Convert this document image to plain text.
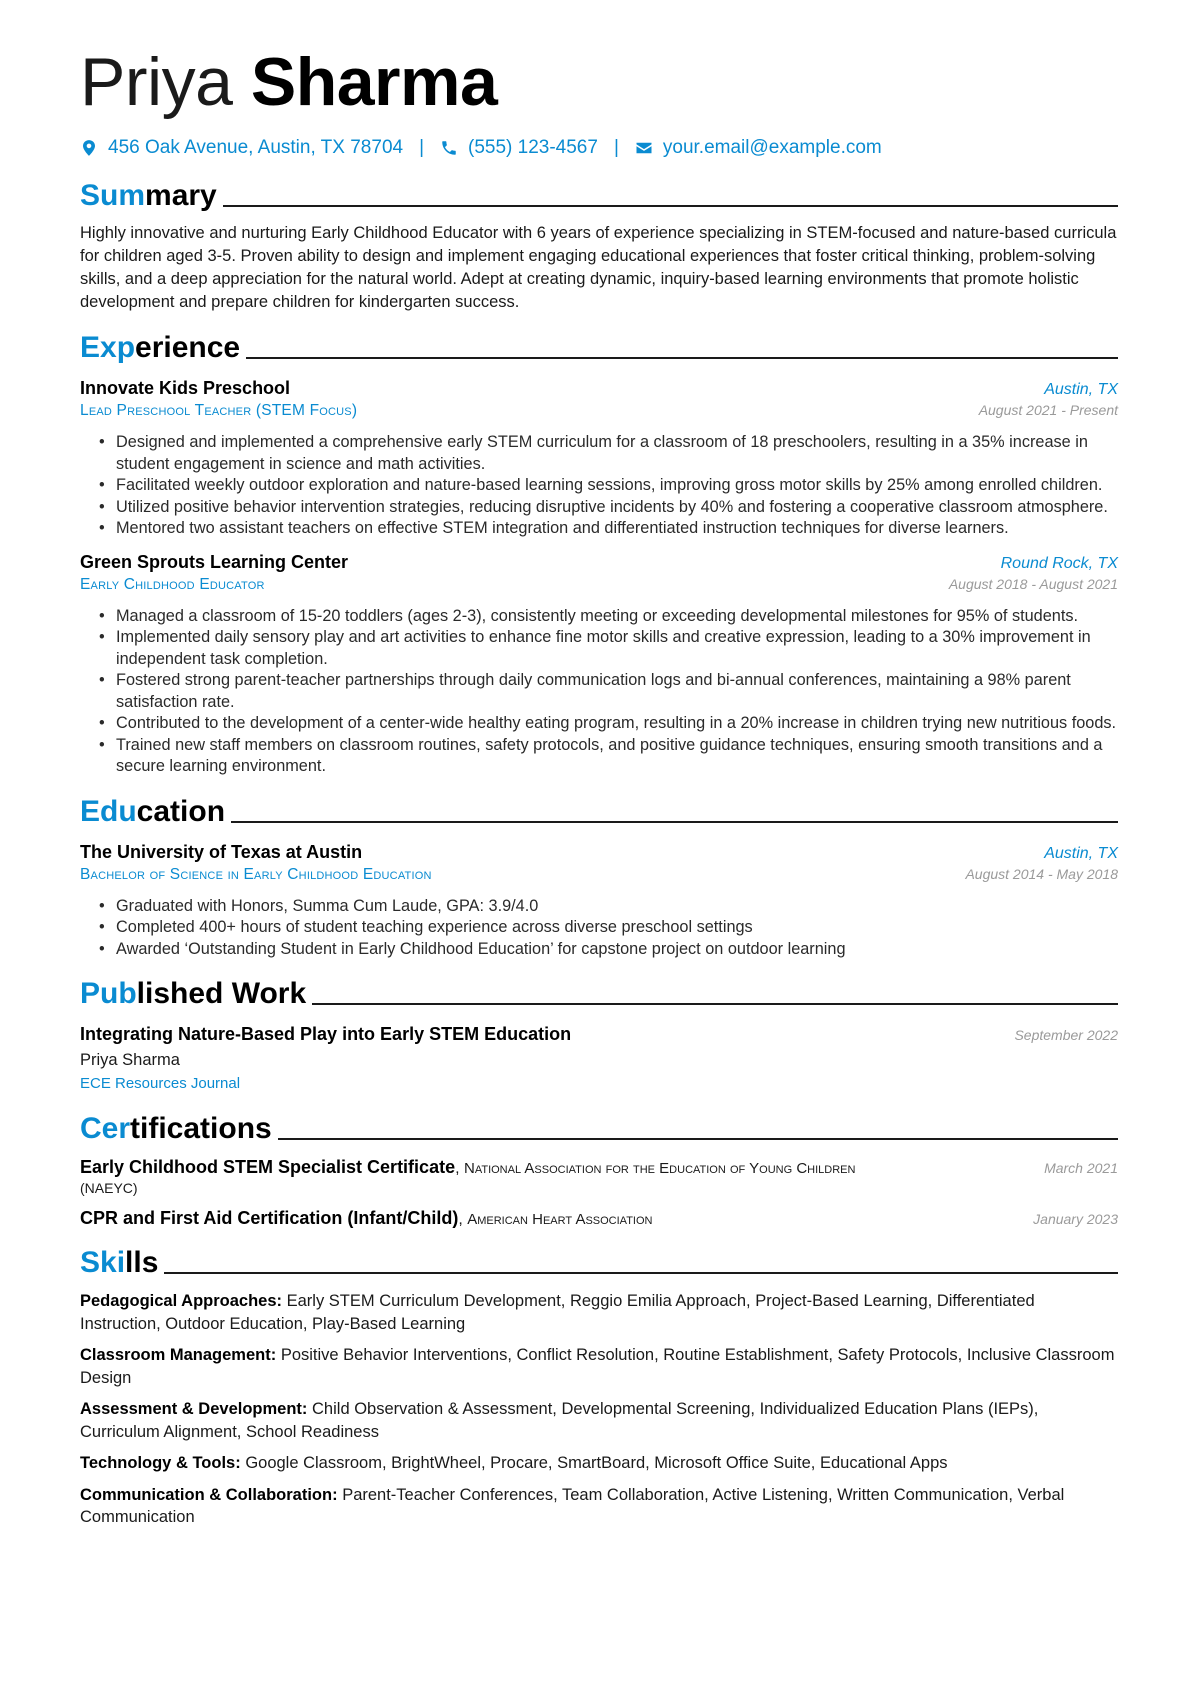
Priya Sharma
456 Oak Avenue, Austin, TX 78704 | (555) 123-4567 | your.email@example.com
Summary

Highly innovative and nurturing Early Childhood Educator with 6 years of experience specializing in STEM-focused and nature-based curricula for children aged 3-5. Proven ability to design and implement engaging educational experiences that foster critical thinking, problem-solving skills, and a deep appreciation for the natural world. Adept at creating dynamic, inquiry-based learning environments that promote holistic development and prepare children for kindergarten success.

Experience
Innovate Kids Preschool	Austin, TX
Lead Preschool Teacher (STEM Focus)	August 2021 - Present
• Designed and implemented a comprehensive early STEM curriculum for a classroom of 18 preschoolers, resulting in a 35% increase in student engagement in science and math activities.
• Facilitated weekly outdoor exploration and nature-based learning sessions, improving gross motor skills by 25% among enrolled children.
• Utilized positive behavior intervention strategies, reducing disruptive incidents by 40% and fostering a cooperative classroom atmosphere.
• Mentored two assistant teachers on effective STEM integration and differentiated instruction techniques for diverse learners.
Green Sprouts Learning Center	Round Rock, TX
Early Childhood Educator	August 2018 - August 2021
• Managed a classroom of 15-20 toddlers (ages 2-3), consistently meeting or exceeding developmental milestones for 95% of students.
• Implemented daily sensory play and art activities to enhance fine motor skills and creative expression, leading to a 30% improvement in independent task completion.
• Fostered strong parent-teacher partnerships through daily communication logs and bi-annual conferences, maintaining a 98% parent satisfaction rate.
• Contributed to the development of a center-wide healthy eating program, resulting in a 20% increase in children trying new nutritious foods.
• Trained new staff members on classroom routines, safety protocols, and positive guidance techniques, ensuring smooth transitions and a secure learning environment.
Education
The University of Texas at Austin	Austin, TX
Bachelor of Science in Early Childhood Education	August 2014 - May 2018
• Graduated with Honors, Summa Cum Laude, GPA: 3.9/4.0
• Completed 400+ hours of student teaching experience across diverse preschool settings
• Awarded ‘Outstanding Student in Early Childhood Education’ for capstone project on outdoor learning
Published Work
Integrating Nature-Based Play into Early STEM Education	September 2022
Priya Sharma
ECE Resources Journal
Certifications
Early Childhood STEM Specialist Certificate, National Association for the Education of Young Children	March 2021
(NAEYC)
CPR and First Aid Certification (Infant/Child), American Heart Association	January 2023
Skills

Pedagogical Approaches: Early STEM Curriculum Development, Reggio Emilia Approach, Project-Based Learning, Differentiated Instruction, Outdoor Education, Play-Based Learning

Classroom Management: Positive Behavior Interventions, Conflict Resolution, Routine Establishment, Safety Protocols, Inclusive Classroom Design

Assessment & Development: Child Observation & Assessment, Developmental Screening, Individualized Education Plans (IEPs), Curriculum Alignment, School Readiness

Technology & Tools: Google Classroom, BrightWheel, Procare, SmartBoard, Microsoft Office Suite, Educational Apps

Communication & Collaboration: Parent-Teacher Conferences, Team Collaboration, Active Listening, Written Communication, Verbal Communication
